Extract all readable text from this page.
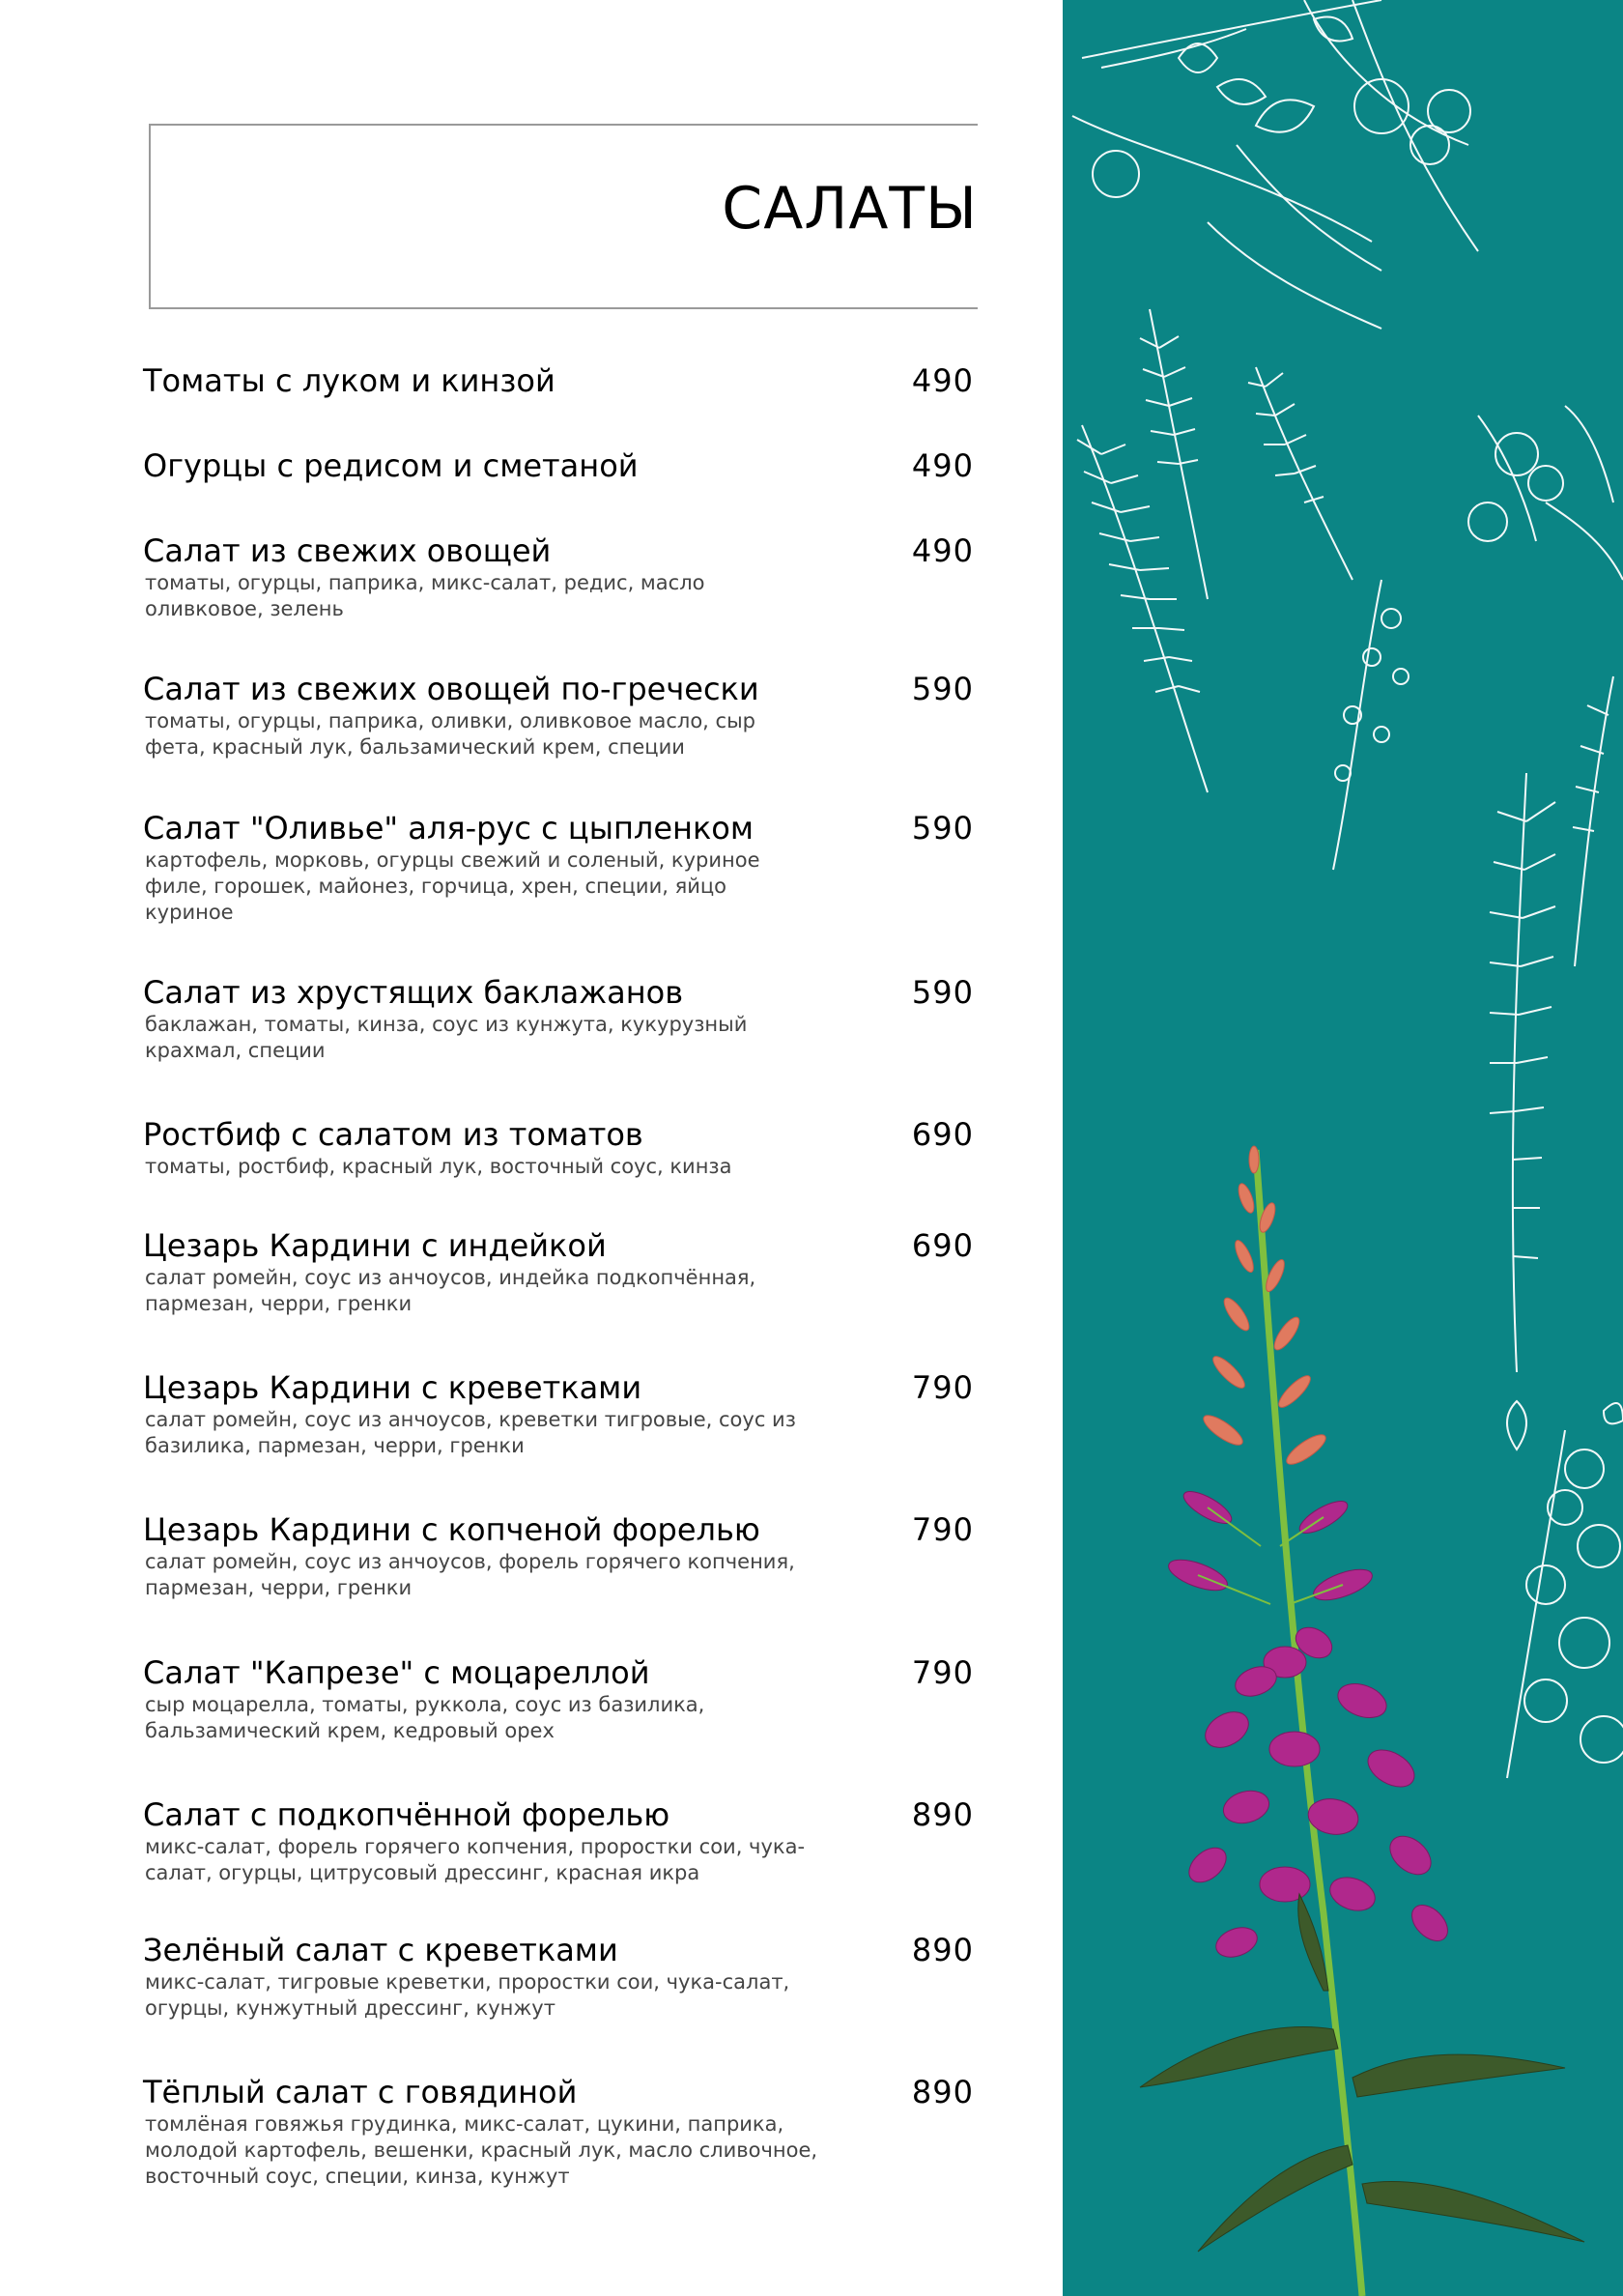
САЛАТЫ
Томаты с луком и кинзой	490
Огурцы с редисом и сметаной	490
Салат из свежих овощей	490
томаты, огурцы, паприка, микс-салат, редис, масло оливковое, зелень
Салат из свежих овощей по-гречески	590
томаты, огурцы, паприка, оливки, оливковое масло, сыр фета, красный лук, бальзамический крем, специи
Салат "Оливье" аля-рус с цыпленком	590
картофель, морковь, огурцы свежий и соленый, куриное филе, горошек, майонез, горчица, хрен, специи, яйцо куриное
Салат из хрустящих баклажанов	590
баклажан, томаты, кинза, соус из кунжута, кукурузный крахмал, специи
Ростбиф с салатом из томатов	690
томаты, ростбиф, красный лук, восточный соус, кинза
Цезарь Кардини с индейкой	690
салат ромейн, соус из анчоусов, индейка подкопчённая, пармезан, черри, гренки
Цезарь Кардини с креветками	790
салат ромейн, соус из анчоусов, креветки тигровые, соус из базилика, пармезан, черри, гренки
Цезарь Кардини с копченой форелью	790
салат ромейн, соус из анчоусов, форель горячего копчения, пармезан, черри, гренки
Салат "Капрезе" с моцареллой	790
сыр моцарелла, томаты, руккола, соус из базилика, бальзамический крем, кедровый орех
Салат с подкопчённой форелью	890
микс-салат, форель горячего копчения, проростки сои, чука-салат, огурцы, цитрусовый дрессинг, красная икра
Зелёный салат с креветками	890
микс-салат, тигровые креветки, проростки сои, чука-салат, огурцы, кунжутный дрессинг, кунжут
Тёплый салат с говядиной	890
томлёная говяжья грудинка, микс-салат, цукини, паприка, молодой картофель, вешенки, красный лук, масло сливочное, восточный соус, специи, кинза, кунжут
